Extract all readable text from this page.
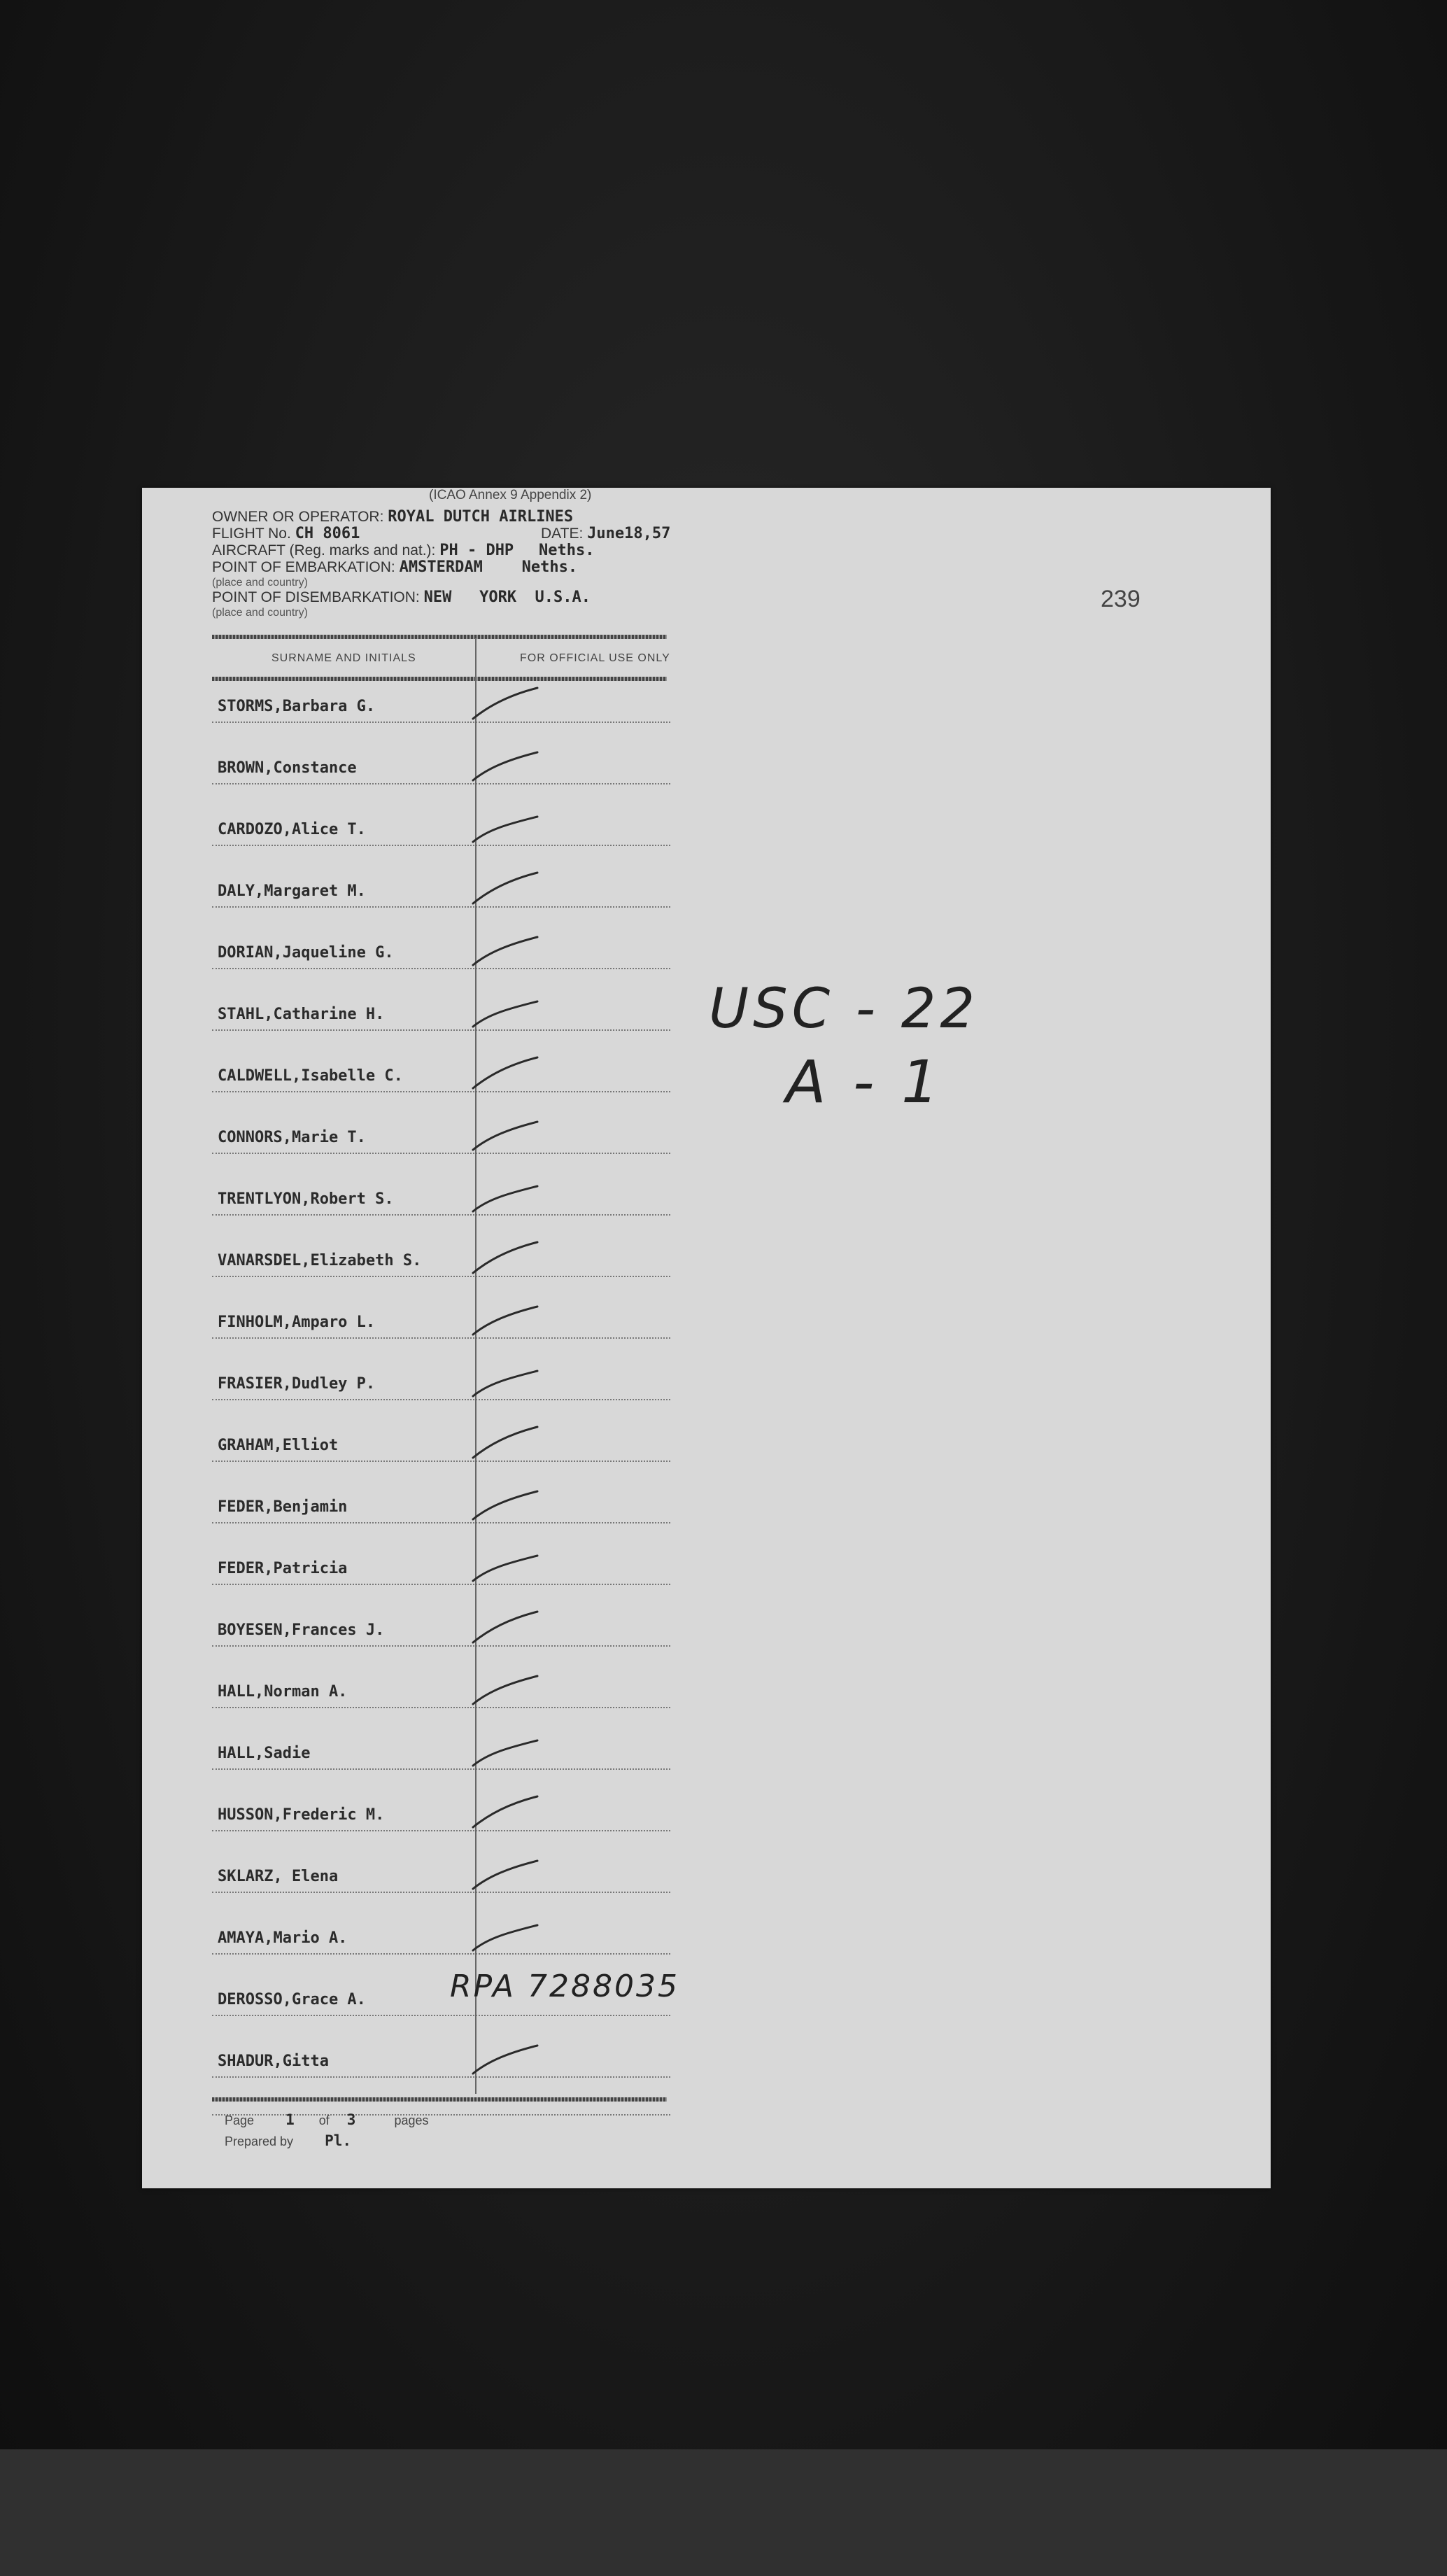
(ICAO Annex 9 Appendix 2)
OWNER OR OPERATOR: ROYAL DUTCH AIRLINES
FLIGHT No. CH 8061	DATE: June18,57
AIRCRAFT (Reg. marks and nat.): PH - DHP Neths.
POINT OF EMBARKATION: AMSTERDAM	Neths.
(place and country)
POINT OF DISEMBARKATION: NEW   YORK  U.S.A.
(place and country)
239
SURNAME AND INITIALS	FOR OFFICIAL USE ONLY
STORMS,Barbara G.
BROWN,Constance
CARDOZO,Alice T.
DALY,Margaret M.
DORIAN,Jaqueline G.
STAHL,Catharine H.
CALDWELL,Isabelle C.
CONNORS,Marie T.
TRENTLYON,Robert S.
VANARSDEL,Elizabeth S.
FINHOLM,Amparo L.
FRASIER,Dudley P.
GRAHAM,Elliot
FEDER,Benjamin
FEDER,Patricia
BOYESEN,Frances J.
HALL,Norman A.
HALL,Sadie
HUSSON,Frederic M.
SKLARZ, Elena
AMAYA,Mario A.
DEROSSO,Grace A.
SHADUR,Gitta
Page 1 of 3	pages
Prepared by Pl.
USC - 22
A - 1
RPA 7288035
